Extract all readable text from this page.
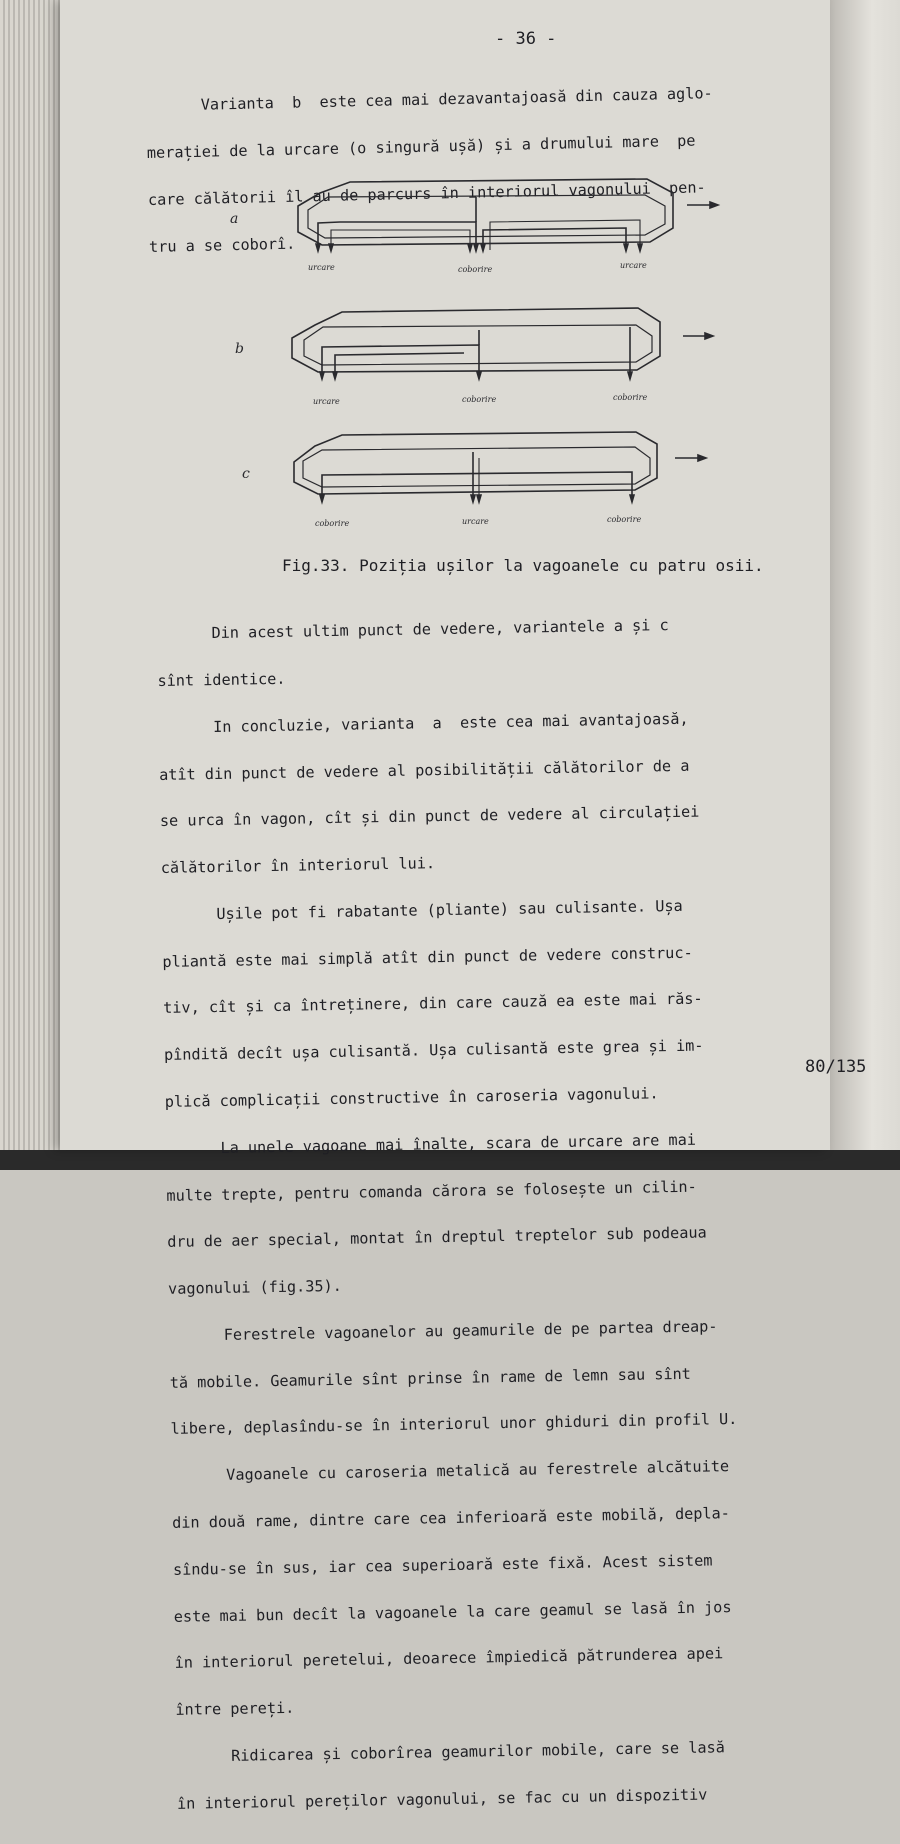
- 36 -

Varianta  b  este cea mai dezavantajoasă din cauza aglo-

merației de la urcare (o singură ușă) și a drumului mare  pe

care călătorii îl au de parcurs în interiorul vagonului  pen-

tru a se coborî.

a
urcare	coborire	urcare
b
urcare	coborire	coborire
c
coborire	urcare	coborire
Fig.33. Poziția ușilor la vagoanele cu patru osii.

Din acest ultim punct de vedere, variantele a și c

sînt identice.

In concluzie, varianta  a  este cea mai avantajoasă,

atît din punct de vedere al posibilității călătorilor de a

se urca în vagon, cît și din punct de vedere al circulației

călătorilor în interiorul lui.

Ușile pot fi rabatante (pliante) sau culisante. Ușa

pliantă este mai simplă atît din punct de vedere construc-

tiv, cît și ca întreținere, din care cauză ea este mai răs-

pîndită decît ușa culisantă. Ușa culisantă este grea și im-

plică complicații constructive în caroseria vagonului.

La unele vagoane mai înalte, scara de urcare are mai

multe trepte, pentru comanda cărora se folosește un cilin-

dru de aer special, montat în dreptul treptelor sub podeaua

vagonului (fig.35).

Ferestrele vagoanelor au geamurile de pe partea dreap-

tă mobile. Geamurile sînt prinse în rame de lemn sau sînt

libere, deplasîndu-se în interiorul unor ghiduri din profil U.

Vagoanele cu caroseria metalică au ferestrele alcătuite

din două rame, dintre care cea inferioară este mobilă, depla-

sîndu-se în sus, iar cea superioară este fixă. Acest sistem

este mai bun decît la vagoanele la care geamul se lasă în jos

în interiorul peretelui, deoarece împiedică pătrunderea apei

între pereți.

Ridicarea și coborîrea geamurilor mobile, care se lasă

în interiorul pereților vagonului, se fac cu un dispozitiv

80/135
